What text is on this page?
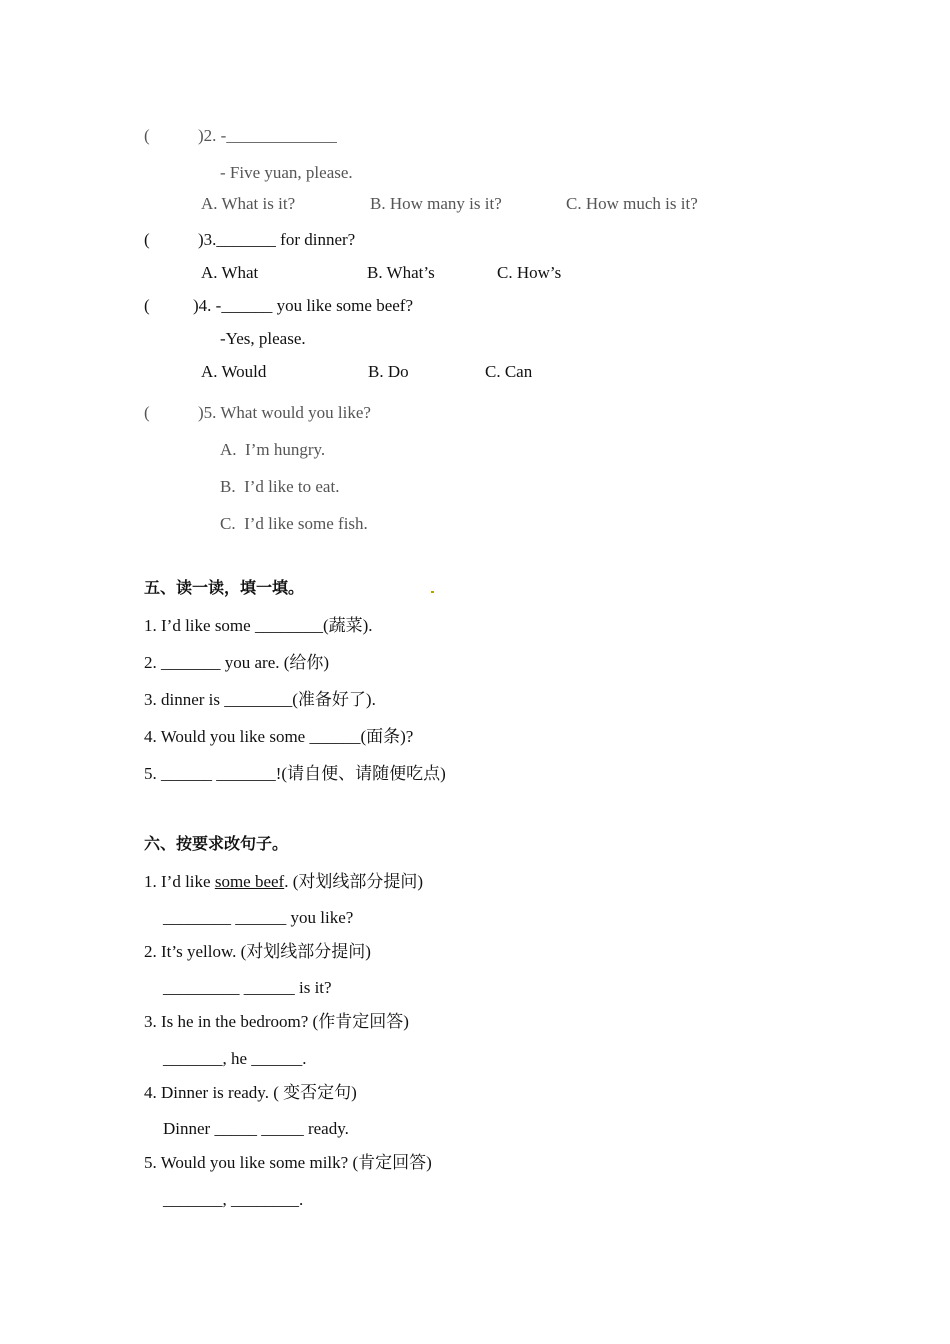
(	)2. -_____________
- Five yuan, please.
A. What is it?	B. How many is it?	C. How much is it?
(	)3._______ for dinner?
A. What	B. What’s	C. How’s
(	)4. -______ you like some beef?
-Yes, please.
A. Would	B. Do	C. Can
(	)5. What would you like?
A.  I’m hungry.
B.  I’d like to eat.
C.  I’d like some fish.
五、读一读，填一填。
1. I’d like some ________(蔬菜).
2. _______ you are. (给你)
3. dinner is ________(准备好了).
4. Would you like some ______(面条)?
5. ______ _______!(请自便、请随便吃点)
六、按要求改句子。
1. I’d like some beef. (对划线部分提问)
________ ______ you like?
2. It’s yellow. (对划线部分提问)
_________ ______ is it?
3. Is he in the bedroom? (作肯定回答)
_______, he ______.
4. Dinner is ready. ( 变否定句)
Dinner _____ _____ ready.
5. Would you like some milk? (肯定回答)
_______, ________.
